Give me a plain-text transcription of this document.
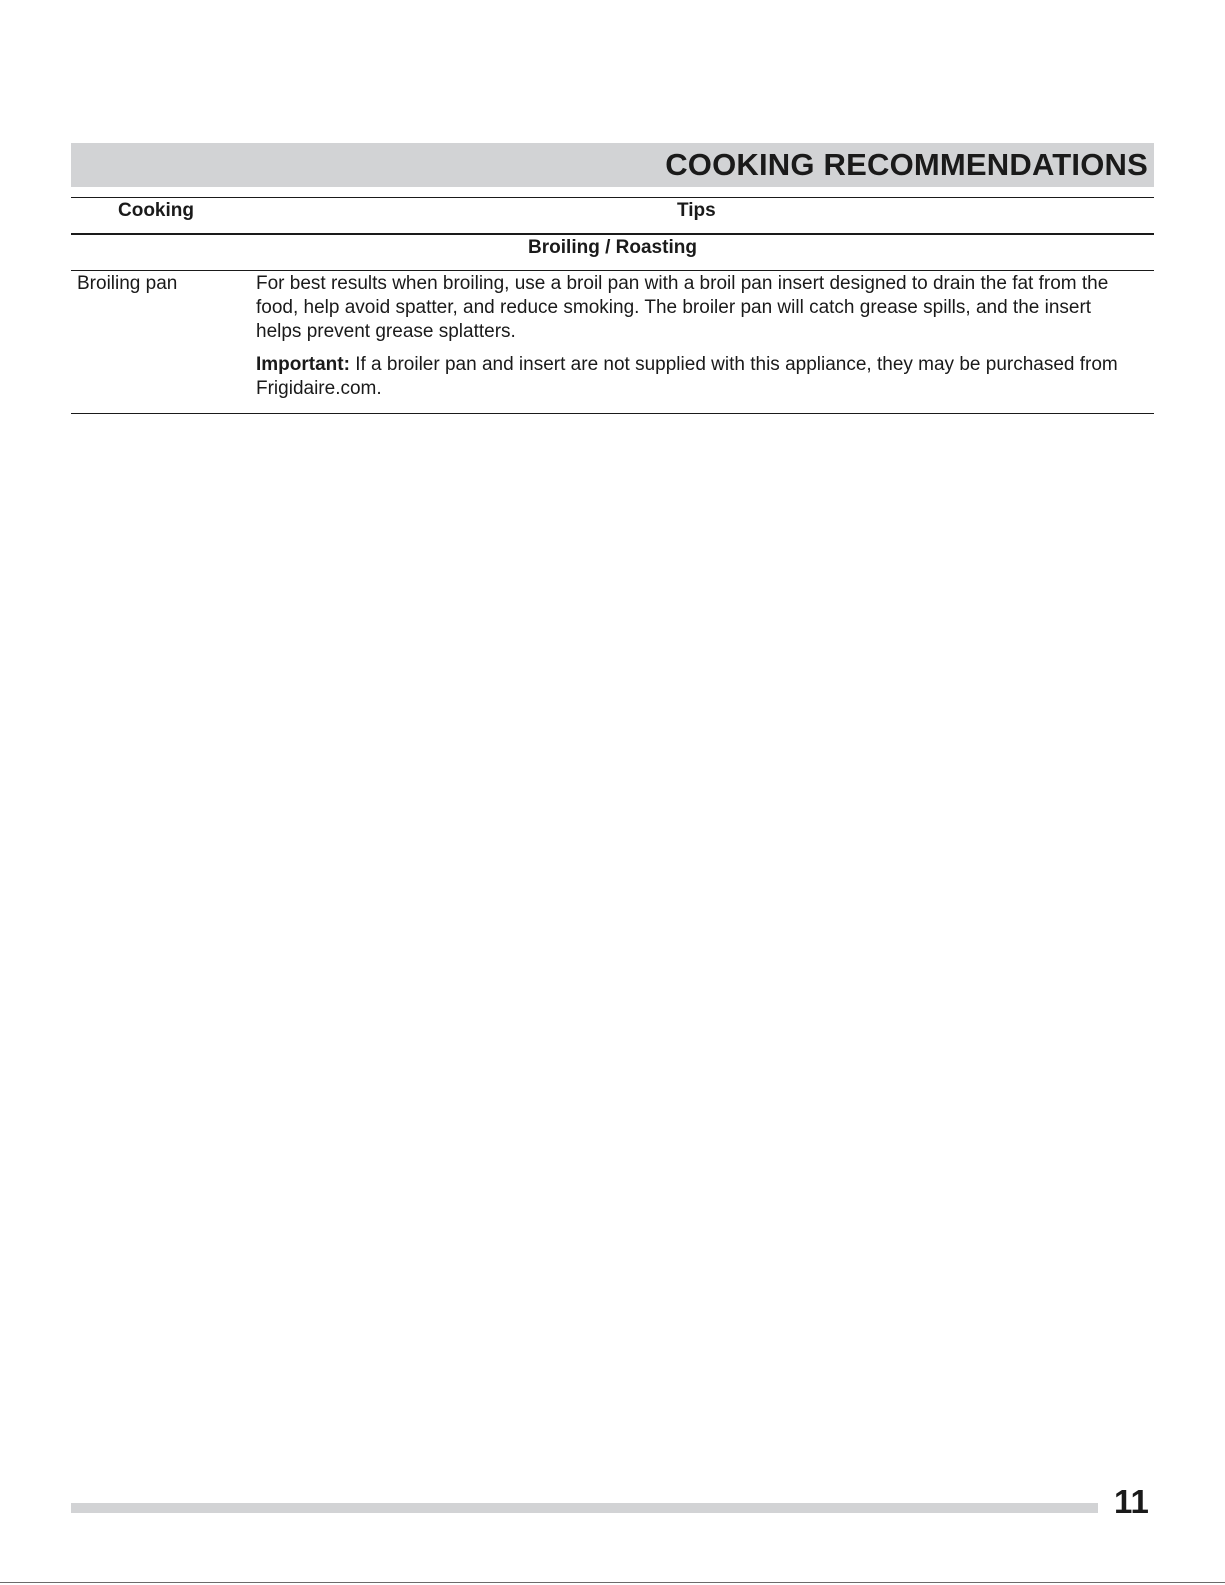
COOKING RECOMMENDATIONS
Cooking	Tips
Broiling / Roasting
Broiling pan	For best results when broiling, use a broil pan with a broil pan insert designed to drain the fat from the food, help avoid spatter, and reduce smoking. The broiler pan will catch grease spills, and the insert helps prevent grease splatters.
Important: If a broiler pan and insert are not supplied with this appliance, they may be purchased from Frigidaire.com.
11
